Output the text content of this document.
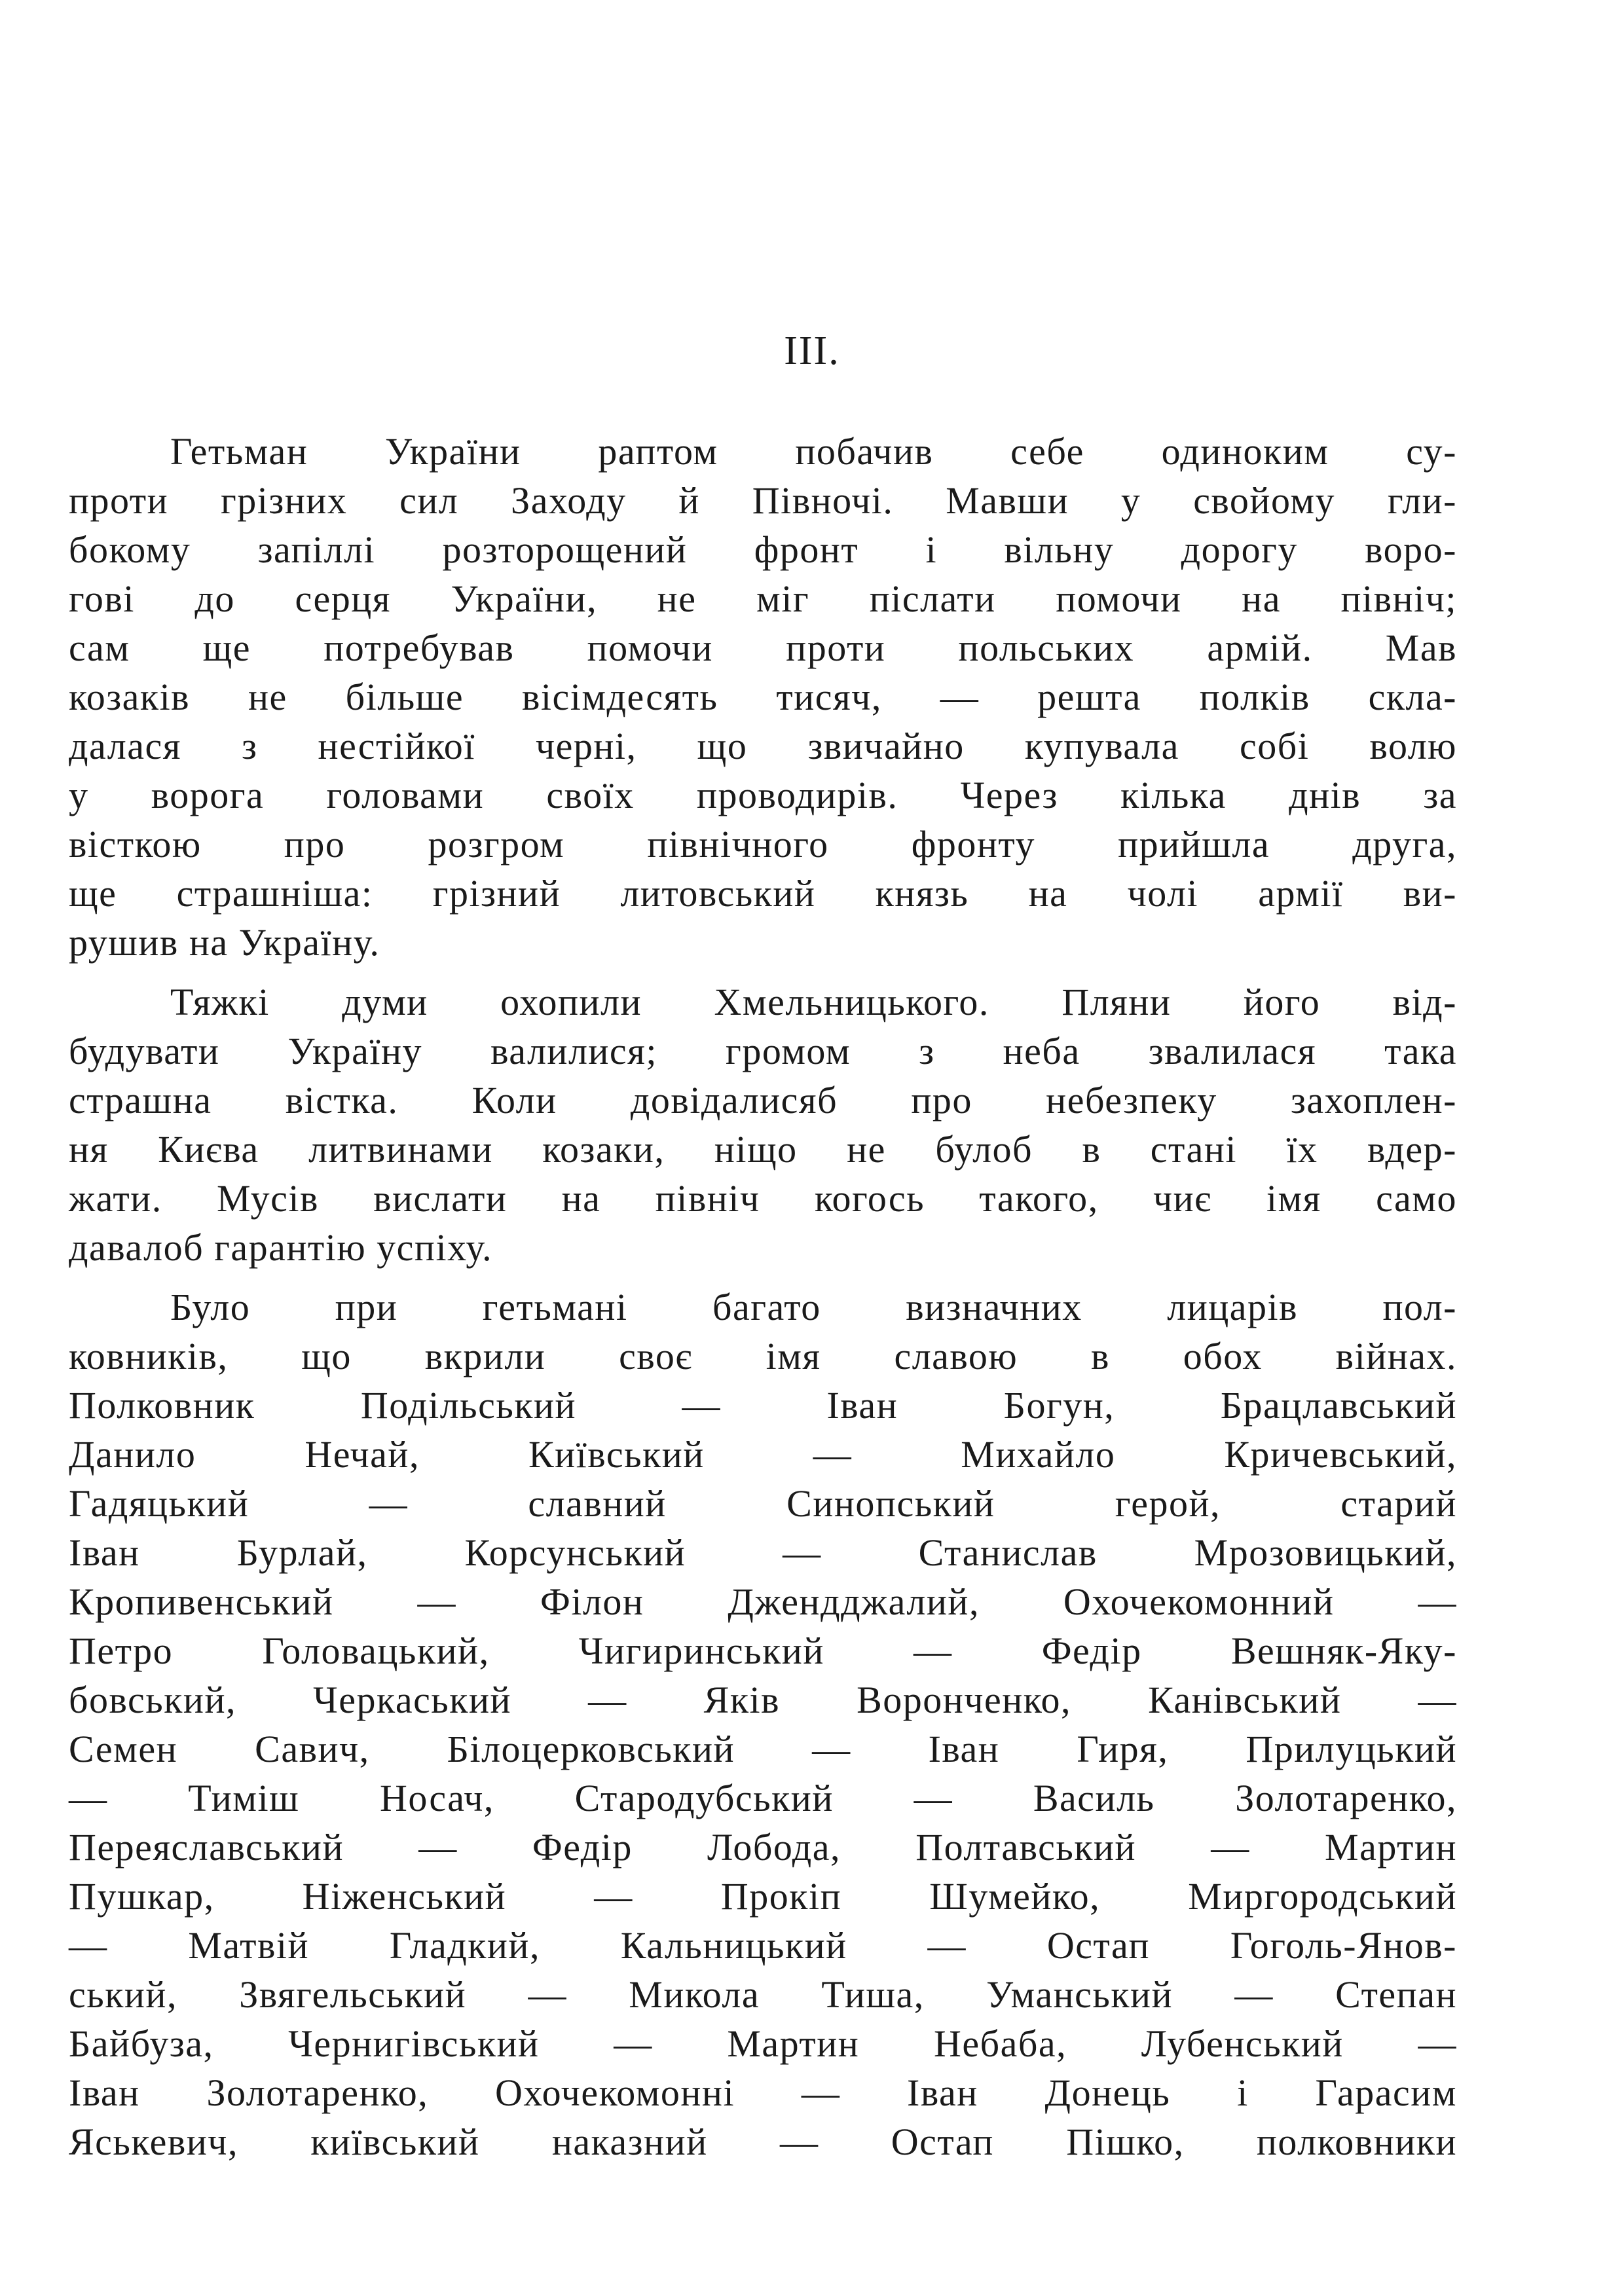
III.
Гетьман України раптом побачив себе одиноким су-
проти грізних сил Заходу й Півночі. Мавши у свойому гли-
бокому запіллі розторощений фронт і вільну дорогу воро-
гові до серця України, не міг післати помочи на північ;
сам ще потребував помочи проти польських армій. Мав
козаків не більше вісімдесять тисяч, — решта полків скла-
далася з нестійкої черні, що звичайно купувала собі волю
у ворога головами своїх проводирів. Через кілька днів за
вісткою про розгром північного фронту прийшла друга,
ще страшніша: грізний литовський князь на чолі армії ви-
рушив на Україну.
Тяжкі думи охопили Хмельницького. Пляни його від-
будувати Україну валилися; громом з неба звалилася така
страшна вістка. Коли довідалисяб про небезпеку захоплен-
ня Києва литвинами козаки, ніщо не булоб в стані їх вдер-
жати. Мусів вислати на північ когось такого, чиє імя само
давалоб гарантію успіху.
Було при гетьмані багато визначних лицарів пол-
ковників, що вкрили своє імя славою в обох війнах.
Полковник Подільський — Іван Богун, Брацлавський
Данило Нечай, Київський — Михайло Кричевський,
Гадяцький — славний Синопський герой, старий
Іван Бурлай, Корсунський — Станислав Мрозовицький,
Кропивенський — Філон Джендджалий, Охочекомонний —
Петро Головацький, Чигиринський — Федір Вешняк-Яку-
бовський, Черкаський — Яків Воронченко, Канівський —
Семен Савич, Білоцерковський — Іван Гиря, Прилуцький
— Тиміш Носач, Стародубський — Василь Золотаренко,
Переяславський — Федір Лобода, Полтавський — Мартин
Пушкар, Ніженський — Прокіп Шумейко, Миргородський
— Матвій Гладкий, Кальницький — Остап Гоголь-Янов-
ський, Звягельський — Микола Тиша, Уманський — Степан
Байбуза, Чернигівський — Мартин Небаба, Лубенський —
Іван Золотаренко, Охочекомонні — Іван Донець і Гарасим
Яськевич, київський наказний — Остап Пішко, полковники
